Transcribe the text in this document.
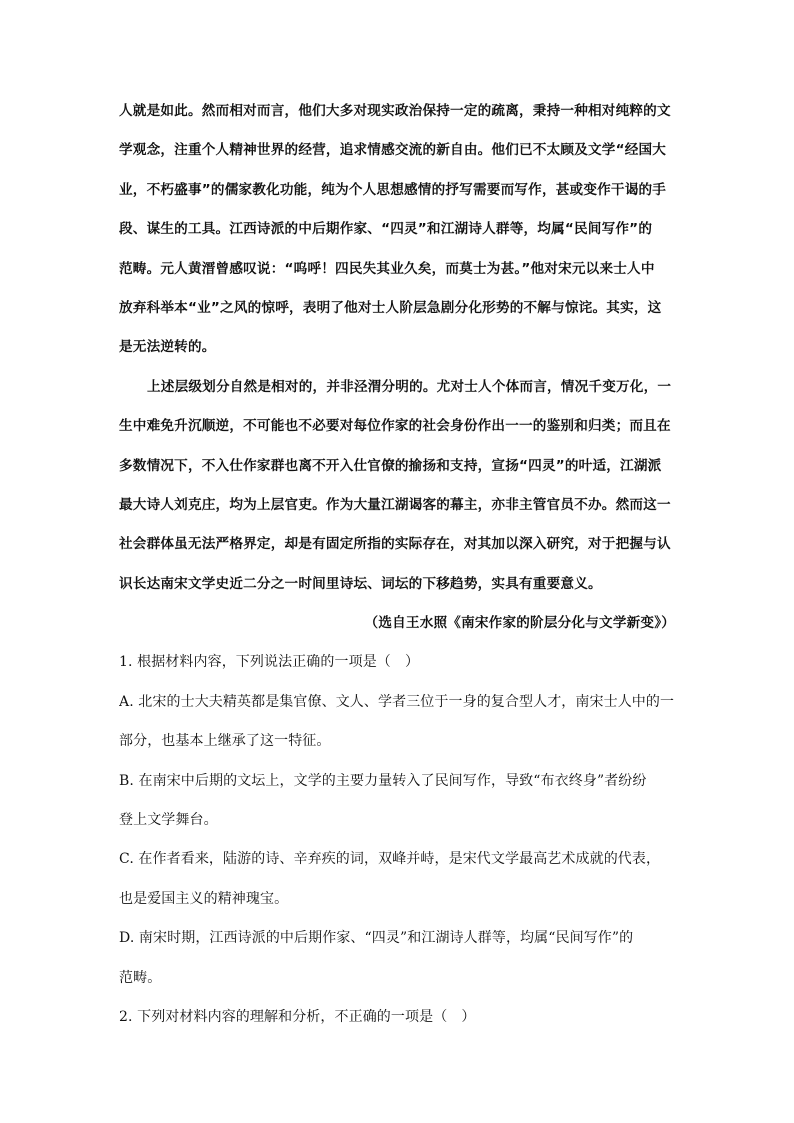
人就是如此。然而相对而言，他们大多对现实政治保持一定的疏离，秉持一种相对纯粹的文
学观念，注重个人精神世界的经营，追求情感交流的新自由。他们已不太顾及文学“经国大
业，不朽盛事”的儒家教化功能，纯为个人思想感情的抒写需要而写作，甚或变作干谒的手
段、谋生的工具。江西诗派的中后期作家、“四灵”和江湖诗人群等，均属“民间写作”的
范畴。元人黄溍曾感叹说：“呜呼！四民失其业久矣，而莫士为甚。”他对宋元以来士人中
放弃科举本“业”之风的惊呼，表明了他对士人阶层急剧分化形势的不解与惊诧。其实，这
是无法逆转的。
上述层级划分自然是相对的，并非泾渭分明的。尤对士人个体而言，情况千变万化，一
生中难免升沉顺逆，不可能也不必要对每位作家的社会身份作出一一的鉴别和归类；而且在
多数情况下，不入仕作家群也离不开入仕官僚的揄扬和支持，宣扬“四灵”的叶适，江湖派
最大诗人刘克庄，均为上层官吏。作为大量江湖谒客的幕主，亦非主管官员不办。然而这一
社会群体虽无法严格界定，却是有固定所指的实际存在，对其加以深入研究，对于把握与认
识长达南宋文学史近二分之一时间里诗坛、词坛的下移趋势，实具有重要意义。
（选自王水照《南宋作家的阶层分化与文学新变》）
1. 根据材料内容，下列说法正确的一项是（　）
A. 北宋的士大夫精英都是集官僚、文人、学者三位于一身的复合型人才，南宋士人中的一
部分，也基本上继承了这一特征。
B. 在南宋中后期的文坛上，文学的主要力量转入了民间写作，导致“布衣终身”者纷纷
登上文学舞台。
C. 在作者看来，陆游的诗、辛弃疾的词，双峰并峙，是宋代文学最高艺术成就的代表，
也是爱国主义的精神瑰宝。
D. 南宋时期，江西诗派的中后期作家、“四灵”和江湖诗人群等，均属“民间写作”的
范畴。
2. 下列对材料内容的理解和分析，不正确的一项是（　）
